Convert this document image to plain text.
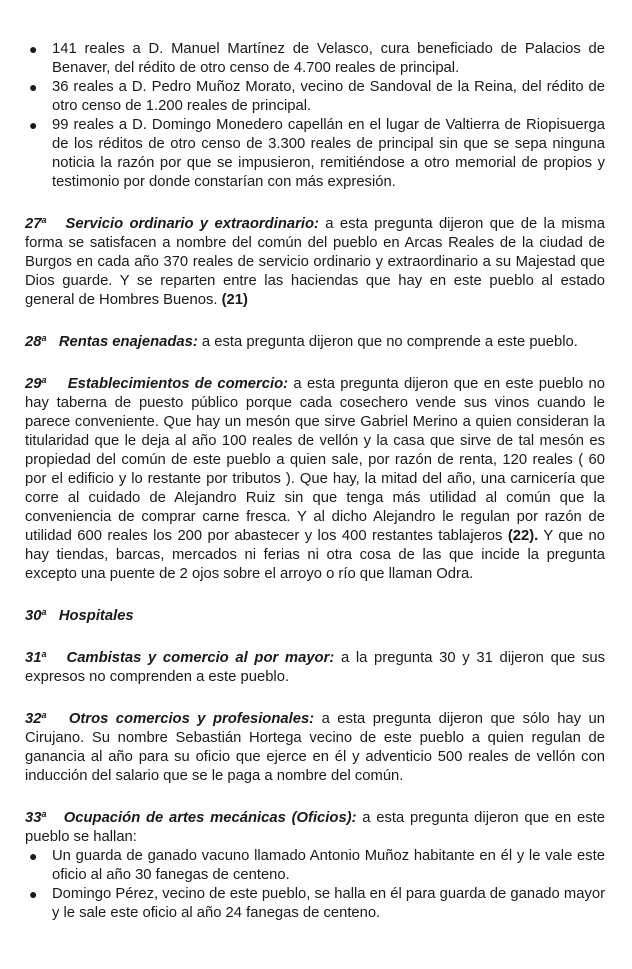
● 141 reales a D. Manuel Martínez de Velasco, cura beneficiado de Palacios de Benaver, del rédito de otro censo de 4.700 reales de principal.
● 36 reales a D. Pedro Muñoz Morato, vecino de Sandoval de la Reina, del rédito de otro censo de 1.200 reales de principal.
● 99 reales a D. Domingo Monedero capellán en el lugar de Valtierra de Riopisuerga de los réditos de otro censo de 3.300 reales de principal sin que se sepa ninguna noticia la razón por que se impusieron, remitiéndose a otro memorial de propios y testimonio por donde constarían con más expresión.

27$^a$ Servicio ordinario y extraordinario: a esta pregunta dijeron que de la misma forma se satisfacen a nombre del común del pueblo en Arcas Reales de la ciudad de Burgos en cada año 370 reales de servicio ordinario y extraordinario a su Majestad que Dios guarde. Y se reparten entre las haciendas que hay en este pueblo al estado general de Hombres Buenos. (21)

28$^a$ Rentas enajenadas: a esta pregunta dijeron que no comprende a este pueblo.

29$^a$ Establecimientos de comercio: a esta pregunta dijeron que en este pueblo no hay taberna de puesto público porque cada cosechero vende sus vinos cuando le parece conveniente. Que hay un mesón que sirve Gabriel Merino a quien consideran la titularidad que le deja al año 100 reales de vellón y la casa que sirve de tal mesón es propiedad del común de este pueblo a quien sale, por razón de renta, 120 reales ( 60 por el edificio y lo restante por tributos ). Que hay, la mitad del año, una carnicería que corre al cuidado de Alejandro Ruiz sin que tenga más utilidad al común que la conveniencia de comprar carne fresca. Y al dicho Alejandro le regulan por razón de utilidad 600 reales los 200 por abastecer y los 400 restantes tablajeros (22). Y que no hay tiendas, barcas, mercados ni ferias ni otra cosa de las que incide la pregunta excepto una puente de 2 ojos sobre el arroyo o río que llaman Odra.

30$^a$ Hospitales

31$^a$ Cambistas y comercio al por mayor: a la pregunta 30 y 31 dijeron que sus expresos no comprenden a este pueblo.

32$^a$ Otros comercios y profesionales: a esta pregunta dijeron que sólo hay un Cirujano. Su nombre Sebastián Hortega vecino de este pueblo a quien regulan de ganancia al año para su oficio que ejerce en él y adventicio 500 reales de vellón con inducción del salario que se le paga a nombre del común.

33$^a$ Ocupación de artes mecánicas (Oficios): a esta pregunta dijeron que en este pueblo se hallan:

● Un guarda de ganado vacuno llamado Antonio Muñoz habitante en él y le vale este oficio al año 30 fanegas de centeno.
● Domingo Pérez, vecino de este pueblo, se halla en él para guarda de ganado mayor y le sale este oficio al año 24 fanegas de centeno.
